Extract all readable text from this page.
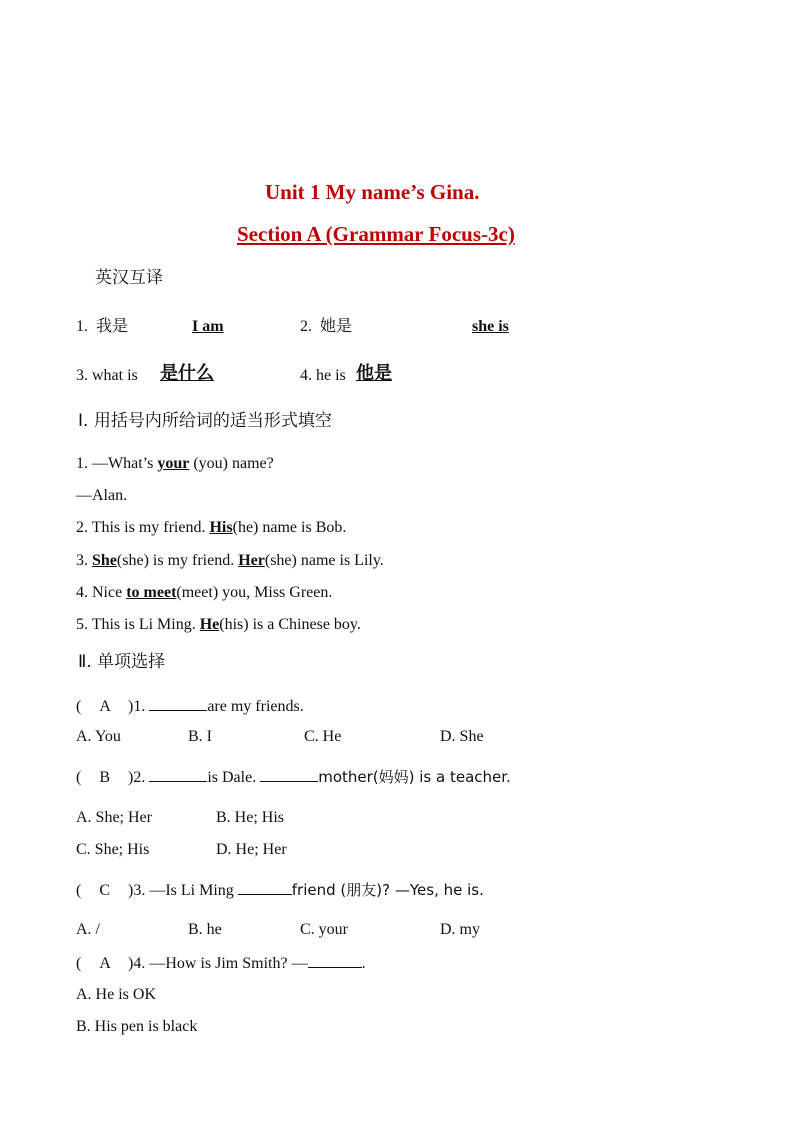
Unit 1 My name’s Gina.
Section A (Grammar Focus-3c)
英汉互译
1. 我是	I am	2. 她是	she is
3. what is 是什么	4. he is 他是
Ⅰ. 用括号内所给词的适当形式填空
1. —What’s your (you) name?
—Alan.
2. This is my friend. His(he) name is Bob.
3. She(she) is my friend. Her(she) name is Lily.
4. Nice to meet(meet) you, Miss Green.
5. This is Li Ming. He(his) is a Chinese boy.
Ⅱ. 单项选择
( A )1.	are my friends.
A. You	B. I	C. He	D. She
( B )2.	is Dale.	mother(妈妈) is a teacher.
A. She; Her	B. He; His
C. She; His	D. He; Her
( C )3. —Is Li Ming	friend (朋友)? —Yes, he is.
A. /	B. he	C. your	D. my
( A )4. —How is Jim Smith? —	.
A. He is OK
B. His pen is black
